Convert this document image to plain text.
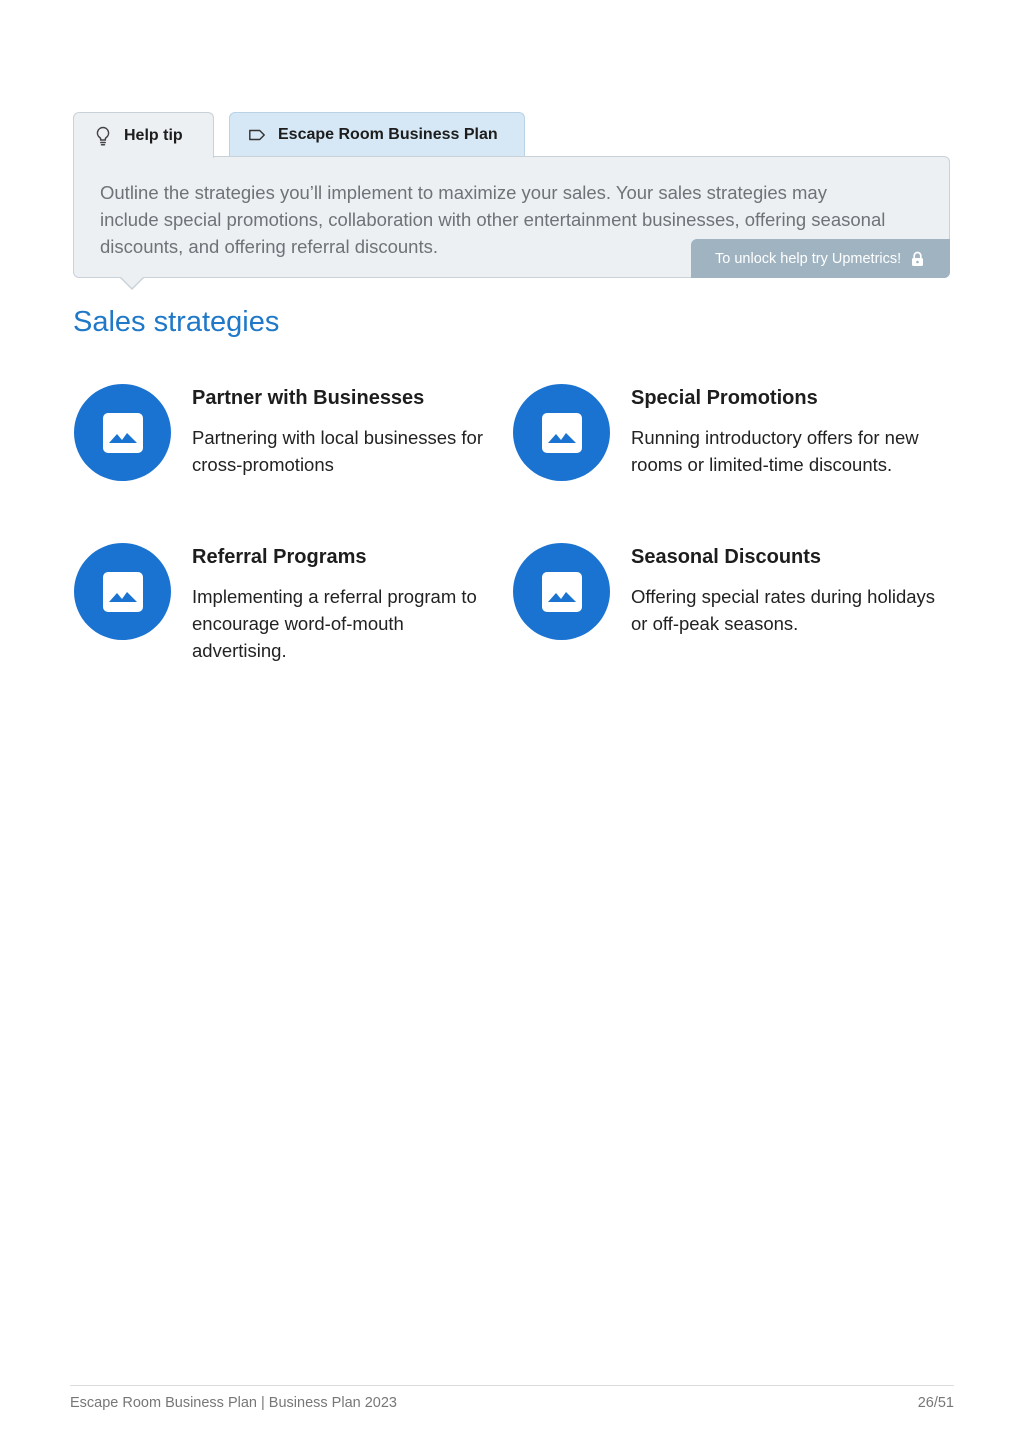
Help tip	Escape Room Business Plan

Outline the strategies you’ll implement to maximize your sales. Your sales strategies may include special promotions, collaboration with other entertainment businesses, offering seasonal discounts, and offering referral discounts.

To unlock help try Upmetrics!
Sales strategies
Partner with Businesses
Partnering with local businesses for cross-promotions
Special Promotions
Running introductory offers for new rooms or limited-time discounts.
Referral Programs
Implementing a referral program to encourage word-of-mouth advertising.
Seasonal Discounts
Offering special rates during holidays or off-peak seasons.
Escape Room Business Plan | Business Plan 2023	26/51
